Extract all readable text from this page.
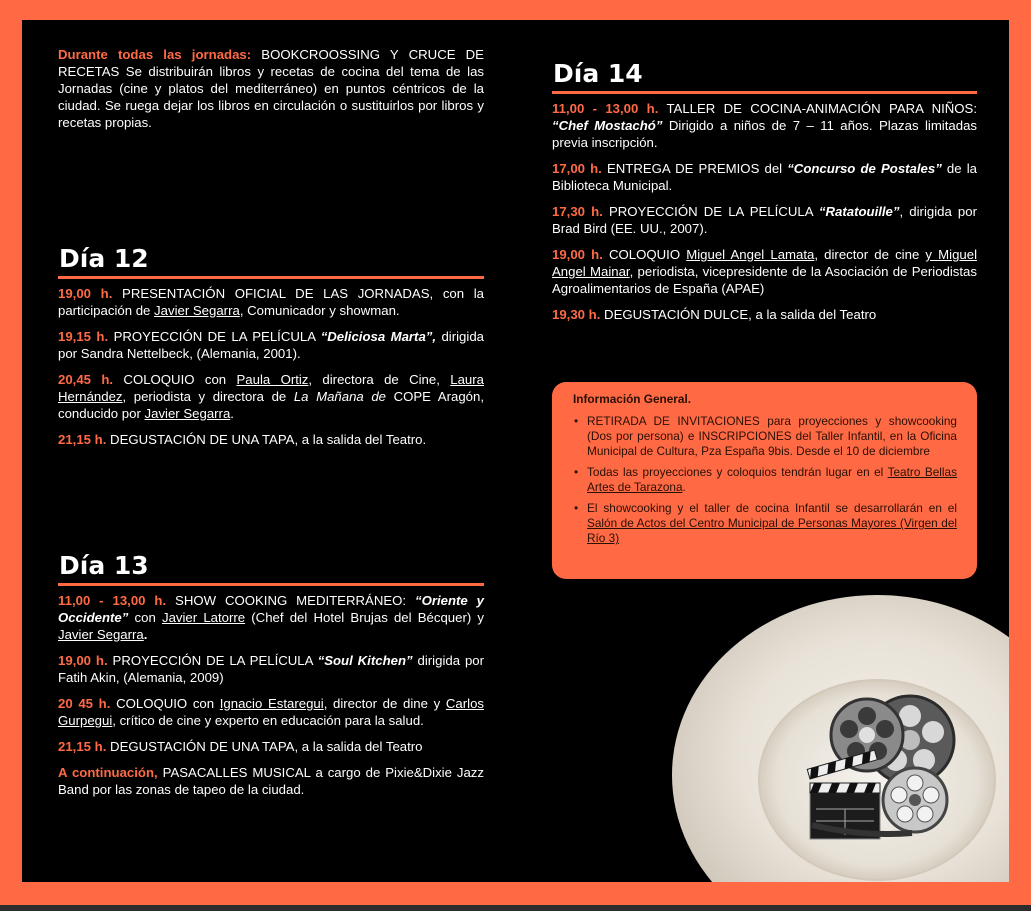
Durante todas las jornadas: BOOKCROOSSING Y CRUCE DE RECETAS Se distribuirán libros y recetas de cocina del tema de las Jornadas (cine y platos del mediterráneo) en puntos céntricos de la ciudad. Se ruega dejar los libros en circulación o sustituirlos por libros y recetas propias.

Día 12

19,00 h. PRESENTACIÓN OFICIAL DE LAS JORNADAS, con la participación de Javier Segarra, Comunicador y showman.

19,15 h. PROYECCIÓN DE LA PELÍCULA “Deliciosa Marta”, dirigida por Sandra Nettelbeck, (Alemania, 2001).

20,45 h. COLOQUIO con Paula Ortiz, directora de Cine, Laura Hernández, periodista y directora de La Mañana de COPE Aragón, conducido por Javier Segarra.

21,15 h. DEGUSTACIÓN DE UNA TAPA, a la salida del Teatro.

Día 13

11,00 - 13,00 h. SHOW COOKING MEDITERRÁNEO: “Oriente y Occidente” con Javier Latorre (Chef del Hotel Brujas del Bécquer) y Javier Segarra.

19,00 h. PROYECCIÓN DE LA PELÍCULA “Soul Kitchen” dirigida por Fatih Akin, (Alemania, 2009)

20 45 h. COLOQUIO con Ignacio Estaregui, director de dine y Carlos Gurpegui, crítico de cine y experto en educación para la salud.

21,15 h. DEGUSTACIÓN DE UNA TAPA, a la salida del Teatro

A continuación, PASACALLES MUSICAL a cargo de Pixie&Dixie Jazz Band por las zonas de tapeo de la ciudad.

Día 14

11,00 - 13,00 h. TALLER DE COCINA-ANIMACIÓN PARA NIÑOS: “Chef Mostachó” Dirigido a niños de 7 – 11 años. Plazas limitadas previa inscripción.

17,00 h. ENTREGA DE PREMIOS del “Concurso de Postales” de la Biblioteca Municipal.

17,30 h. PROYECCIÓN DE LA PELÍCULA “Ratatouille”, dirigida por Brad Bird (EE. UU., 2007).

19,00 h. COLOQUIO Miguel Angel Lamata, director de cine y Miguel Angel Mainar, periodista, vicepresidente de la Asociación de Periodistas Agroalimentarios de España (APAE)

19,30 h. DEGUSTACIÓN DULCE, a la salida del Teatro

Información General.
• RETIRADA DE INVITACIONES para proyecciones y showcooking (Dos por persona) e INSCRIPCIONES del Taller Infantil, en la Oficina Municipal de Cultura, Pza España 9bis. Desde el 10 de diciembre
• Todas las proyecciones y coloquios tendrán lugar en el Teatro Bellas Artes de Tarazona.
• El showcooking y el taller de cocina Infantil se desarrollarán en el Salón de Actos del Centro Municipal de Personas Mayores (Virgen del Río 3)
